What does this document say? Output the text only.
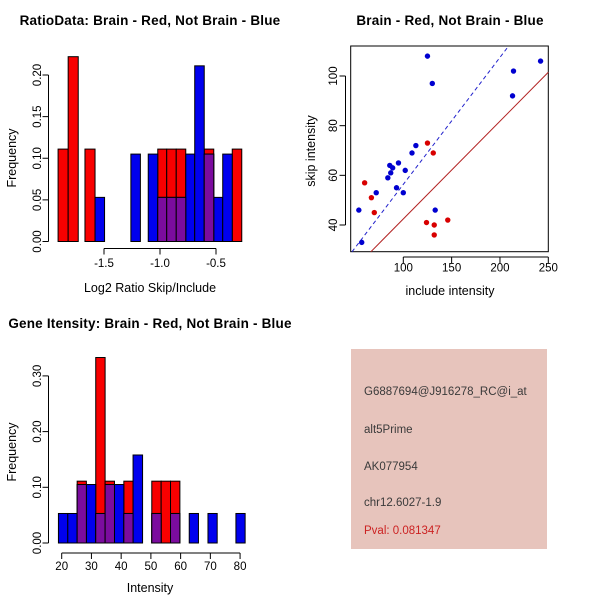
-1.5	-1.0	-0.5
0.00
0.05
0.10
0.15
0.20
100	150	200	250
40
60
80
100
20 30 40 50 60 70 80
0.00
0.10
0.20
0.30
RatioData: Brain - Red, Not Brain - Blue
Log2 Ratio Skip/Include
Frequency
Brain - Red, Not Brain - Blue
include intensity
skip intensity
Gene Itensity: Brain - Red, Not Brain - Blue
Intensity
Frequency
G6887694@J916278_RC@i_at
alt5Prime
AK077954
chr12.6027-1.9
Pval: 0.081347
